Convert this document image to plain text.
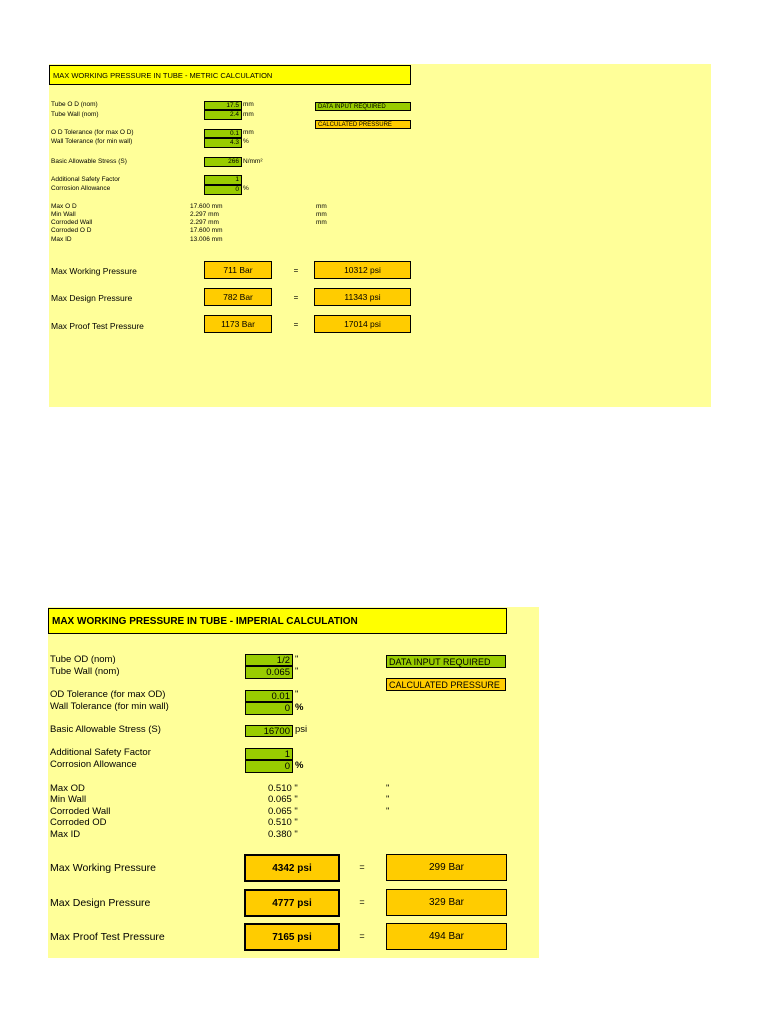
MAX WORKING PRESSURE IN TUBE - METRIC CALCULATION
Tube O D (nom)	17.5 mm
Tube Wall (nom)	2.4 mm
DATA INPUT REQUIRED
CALCULATED PRESSURE
O D Tolerance (for max O D)	0.1 mm
Wall Tolerance (for min wall)	4.3 %
Basic Allowable Stress (S)	266 N/mm²
Additional Safety Factor	1
Corrosion Allowance	0 %
Max O D	17.600 mm	mm
Min Wall	2.297 mm	mm
Corroded Wall	2.297 mm	mm
Corroded O D	17.600 mm
Max ID	13.006 mm
Max Working Pressure	711 Bar	=	10312 psi
Max Design Pressure	782 Bar	=	11343 psi
Max Proof Test Pressure	1173 Bar	=	17014 psi
MAX WORKING PRESSURE IN TUBE - IMPERIAL CALCULATION
Tube OD (nom)	1/2 "
Tube Wall (nom)	0.065 "
DATA INPUT REQUIRED
CALCULATED PRESSURE
OD Tolerance (for max OD)	0.01 "
Wall Tolerance (for min wall)	0 %
Basic Allowable Stress (S)	16700 psi
Additional Safety Factor	1
Corrosion Allowance	0 %
Max OD	0.510 "	"
Min Wall	0.065 "	"
Corroded Wall	0.065 "	"
Corroded OD	0.510 "
Max ID	0.380 "
Max Working Pressure	4342 psi	=	299 Bar
Max Design Pressure	4777 psi	=	329 Bar
Max Proof Test Pressure	7165 psi	=	494 Bar
